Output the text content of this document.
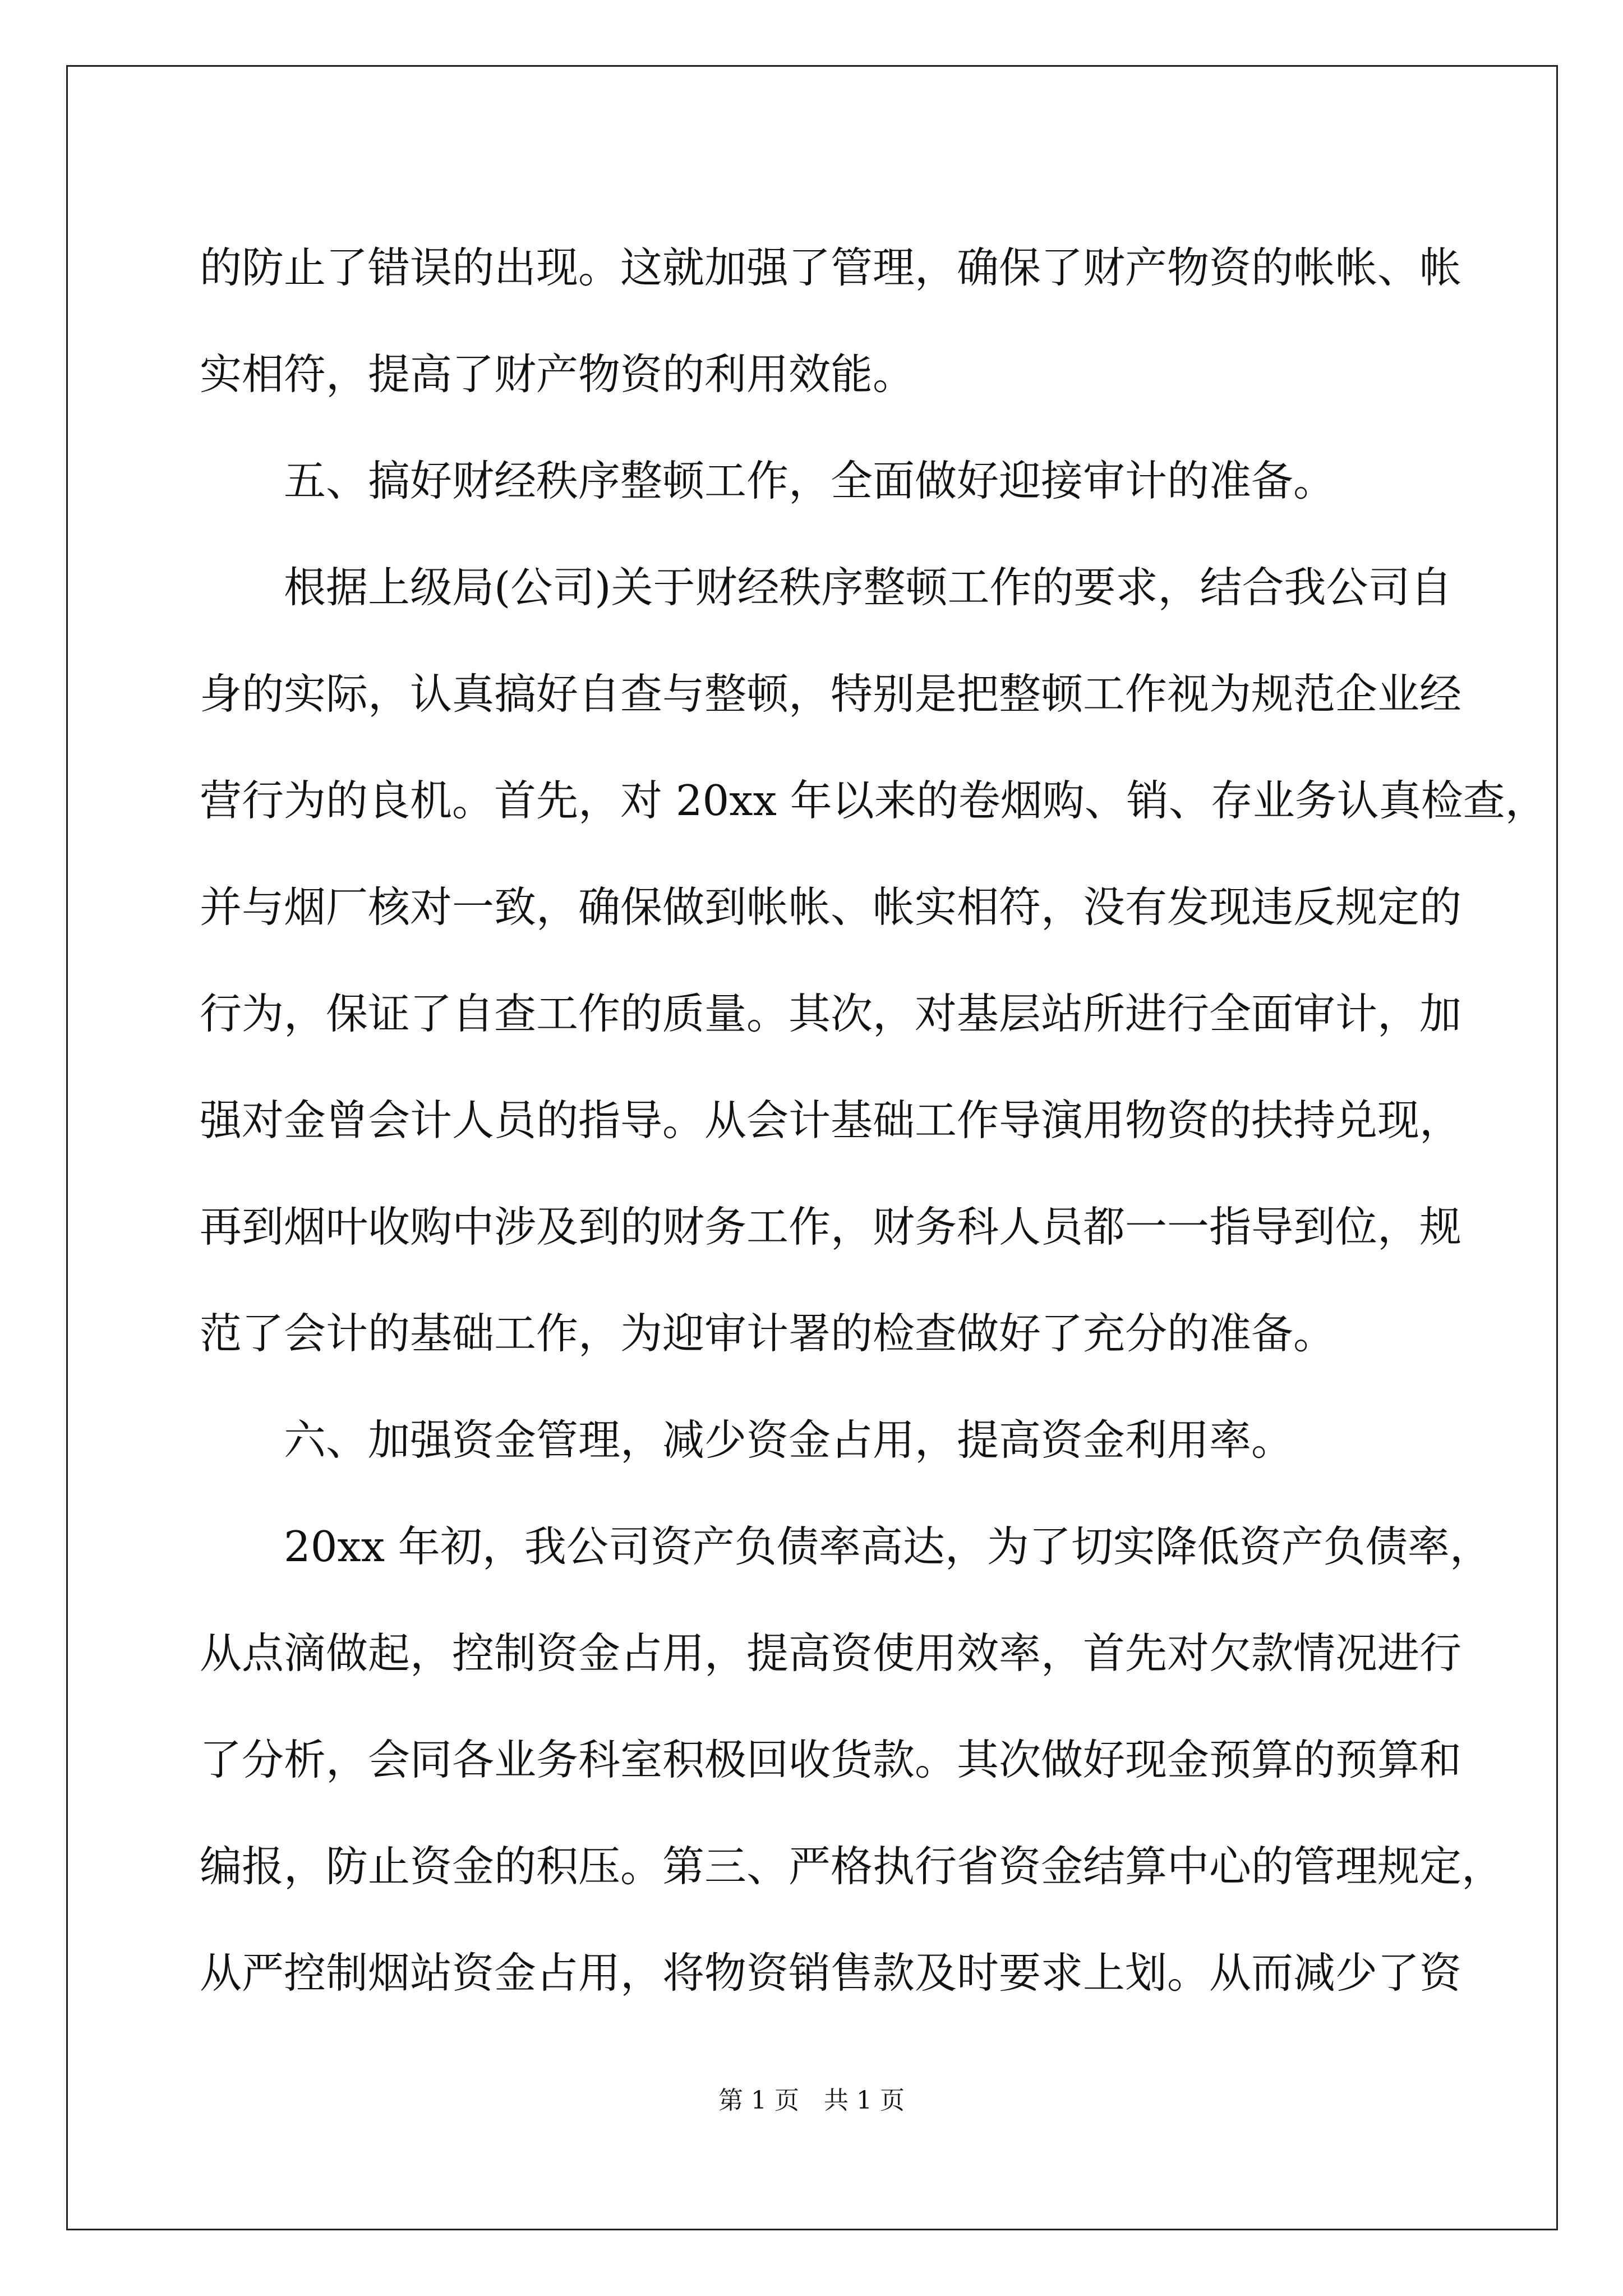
的防止了错误的出现。这就加强了管理，确保了财产物资的帐帐、帐
实相符，提高了财产物资的利用效能。
五、搞好财经秩序整顿工作，全面做好迎接审计的准备。
根据上级局(公司)关于财经秩序整顿工作的要求，结合我公司自
身的实际，认真搞好自查与整顿，特别是把整顿工作视为规范企业经
营行为的良机。首先，对 20xx 年以来的卷烟购、销、存业务认真检查，
并与烟厂核对一致，确保做到帐帐、帐实相符，没有发现违反规定的
行为，保证了自查工作的质量。其次，对基层站所进行全面审计，加
强对金曾会计人员的指导。从会计基础工作导演用物资的扶持兑现，
再到烟叶收购中涉及到的财务工作，财务科人员都一一指导到位，规
范了会计的基础工作，为迎审计署的检查做好了充分的准备。
六、加强资金管理，减少资金占用，提高资金利用率。
20xx 年初，我公司资产负债率高达，为了切实降低资产负债率，
从点滴做起，控制资金占用，提高资使用效率，首先对欠款情况进行
了分析，会同各业务科室积极回收货款。其次做好现金预算的预算和
编报，防止资金的积压。第三、严格执行省资金结算中心的管理规定，
从严控制烟站资金占用，将物资销售款及时要求上划。从而减少了资
第 1 页　共 1 页
